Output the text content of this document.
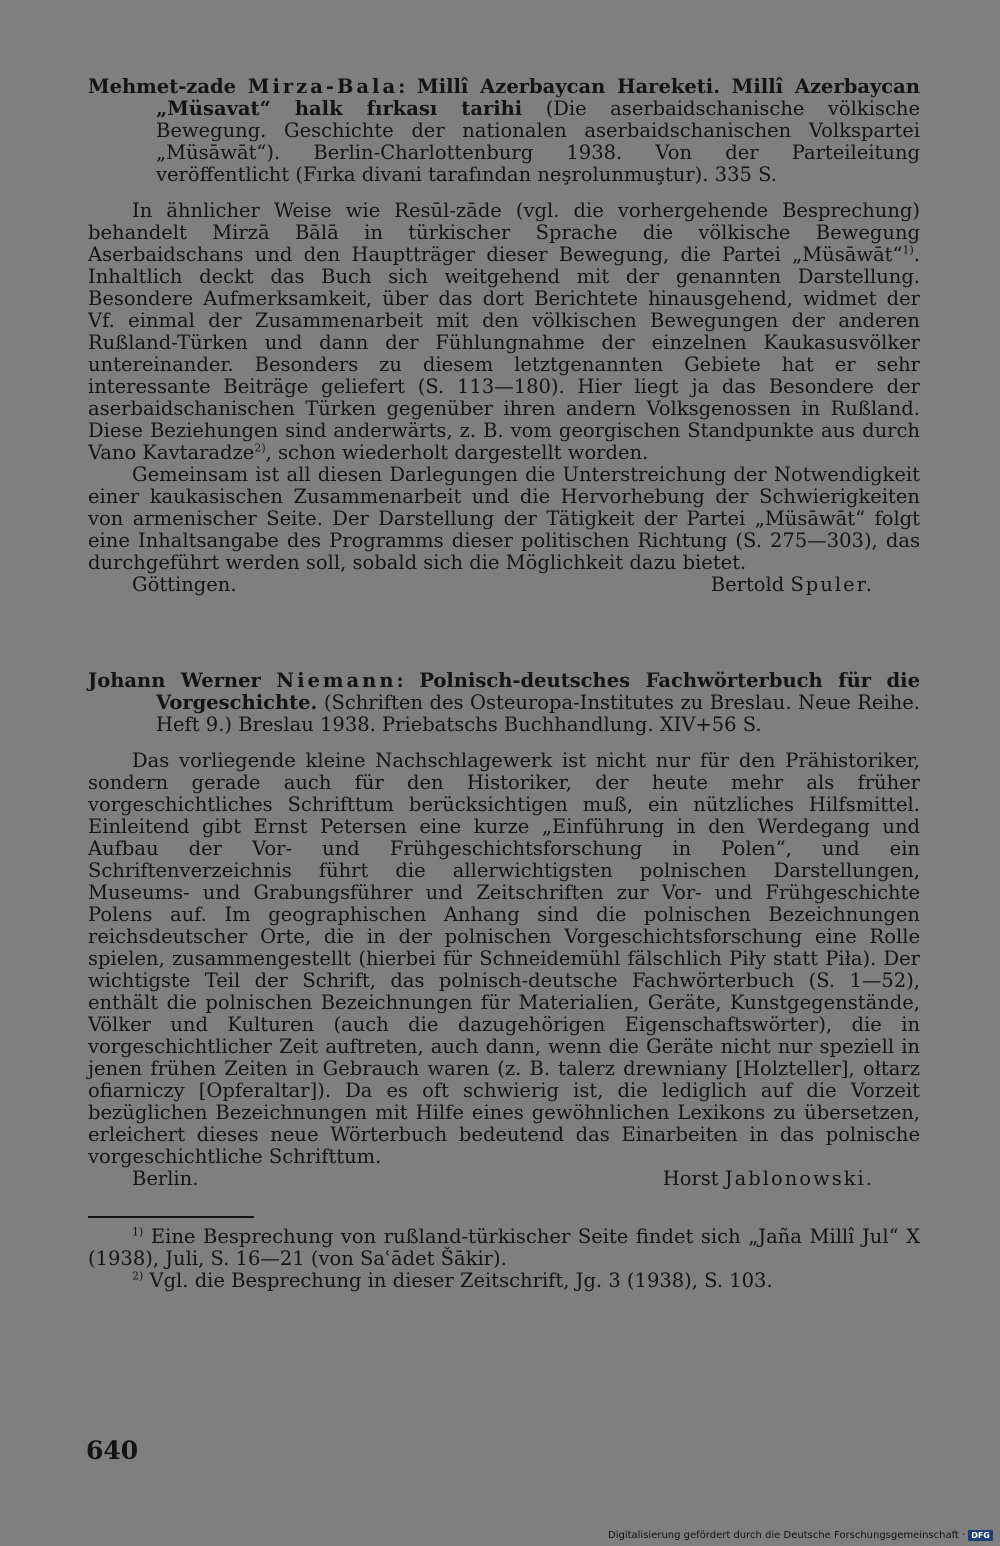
Mehmet-zade Mirza-Bala: Millî Azerbaycan Hareketi. Millî Azerbaycan „Müsavat“ halk fırkası tarihi (Die aserbaidschanische völkische Bewegung. Geschichte der nationalen aserbaidschanischen Volkspartei „Müsāwāt“). Berlin-Charlottenburg 1938. Von der Parteileitung veröffentlicht (Fırka divani tarafından neşrolunmuştur). 335 S.

In ähnlicher Weise wie Resūl-zāde (vgl. die vorhergehende Besprechung) behandelt Mirzā Bālā in türkischer Sprache die völkische Bewegung Aserbaidschans und den Hauptträger dieser Bewegung, die Partei „Müsāwāt“$^{1)}$. Inhaltlich deckt das Buch sich weitgehend mit der genannten Darstellung. Besondere Aufmerksamkeit, über das dort Berichtete hinausgehend, widmet der Vf. einmal der Zusammenarbeit mit den völkischen Bewegungen der anderen Rußland-Türken und dann der Fühlungnahme der einzelnen Kaukasusvölker untereinander. Besonders zu diesem letztgenannten Gebiete hat er sehr interessante Beiträge geliefert (S. 113—180). Hier liegt ja das Besondere der aserbaidschanischen Türken gegenüber ihren andern Volksgenossen in Rußland. Diese Beziehungen sind anderwärts, z. B. vom georgischen Standpunkte aus durch Vano Kavtaradze$^{2)}$, schon wiederholt dargestellt worden.

Gemeinsam ist all diesen Darlegungen die Unterstreichung der Notwendigkeit einer kaukasischen Zusammenarbeit und die Hervorhebung der Schwierigkeiten von armenischer Seite. Der Darstellung der Tätigkeit der Partei „Müsāwāt“ folgt eine Inhaltsangabe des Programms dieser politischen Richtung (S. 275—303), das durchgeführt werden soll, sobald sich die Möglichkeit dazu bietet.

Göttingen.	Bertold Spuler.

Johann Werner Niemann: Polnisch-deutsches Fachwörterbuch für die Vorgeschichte. (Schriften des Osteuropa-Institutes zu Breslau. Neue Reihe. Heft 9.) Breslau 1938. Priebatschs Buchhandlung. XIV+56 S.

Das vorliegende kleine Nachschlagewerk ist nicht nur für den Prähistoriker, sondern gerade auch für den Historiker, der heute mehr als früher vorgeschichtliches Schrifttum berücksichtigen muß, ein nützliches Hilfsmittel. Einleitend gibt Ernst Petersen eine kurze „Einführung in den Werdegang und Aufbau der Vor- und Frühgeschichtsforschung in Polen“, und ein Schriftenverzeichnis führt die allerwichtigsten polnischen Darstellungen, Museums- und Grabungsführer und Zeitschriften zur Vor- und Frühgeschichte Polens auf. Im geographischen Anhang sind die polnischen Bezeichnungen reichsdeutscher Orte, die in der polnischen Vorgeschichtsforschung eine Rolle spielen, zusammengestellt (hierbei für Schneidemühl fälschlich Piły statt Piła). Der wichtigste Teil der Schrift, das polnisch-deutsche Fachwörterbuch (S. 1—52), enthält die polnischen Bezeichnungen für Materialien, Geräte, Kunstgegenstände, Völker und Kulturen (auch die dazugehörigen Eigenschaftswörter), die in vorgeschichtlicher Zeit auftreten, auch dann, wenn die Geräte nicht nur speziell in jenen frühen Zeiten in Gebrauch waren (z. B. talerz drewniany [Holzteller], ołtarz ofiarniczy [Opferaltar]). Da es oft schwierig ist, die lediglich auf die Vorzeit bezüglichen Bezeichnungen mit Hilfe eines gewöhnlichen Lexikons zu übersetzen, erleichert dieses neue Wörterbuch bedeutend das Einarbeiten in das polnische vorgeschichtliche Schrifttum.

Berlin.	Horst Jablonowski.

$^{1)}$ Eine Besprechung von rußland-türkischer Seite findet sich „Jaña Millî Jul“ X (1938), Juli, S. 16—21 (von Saʿādet Šākir).

$^{2)}$ Vgl. die Besprechung in dieser Zeitschrift, Jg. 3 (1938), S. 103.

640
Digitalisierung gefördert durch die Deutsche Forschungsgemeinschaft · DFG
